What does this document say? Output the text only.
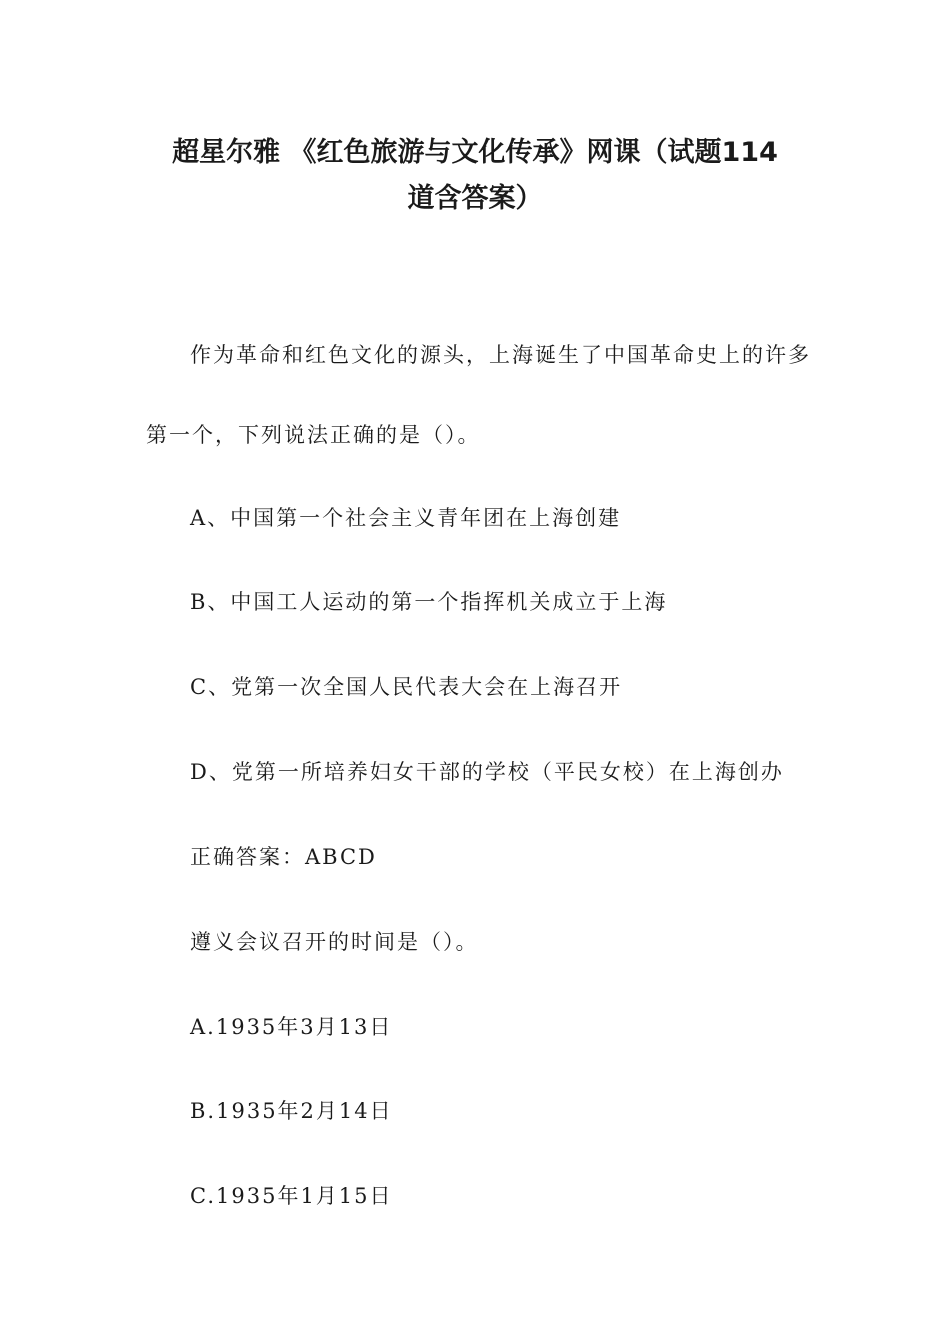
超星尔雅 《红色旅游与文化传承》网课（试题114
道含答案）
作为革命和红色文化的源头，上海诞生了中国革命史上的许多
第一个，下列说法正确的是（）。
A、中国第一个社会主义青年团在上海创建
B、中国工人运动的第一个指挥机关成立于上海
C、党第一次全国人民代表大会在上海召开
D、党第一所培养妇女干部的学校（平民女校）在上海创办
正确答案：ABCD
遵义会议召开的时间是（）。
A.1935年3月13日
B.1935年2月14日
C.1935年1月15日
